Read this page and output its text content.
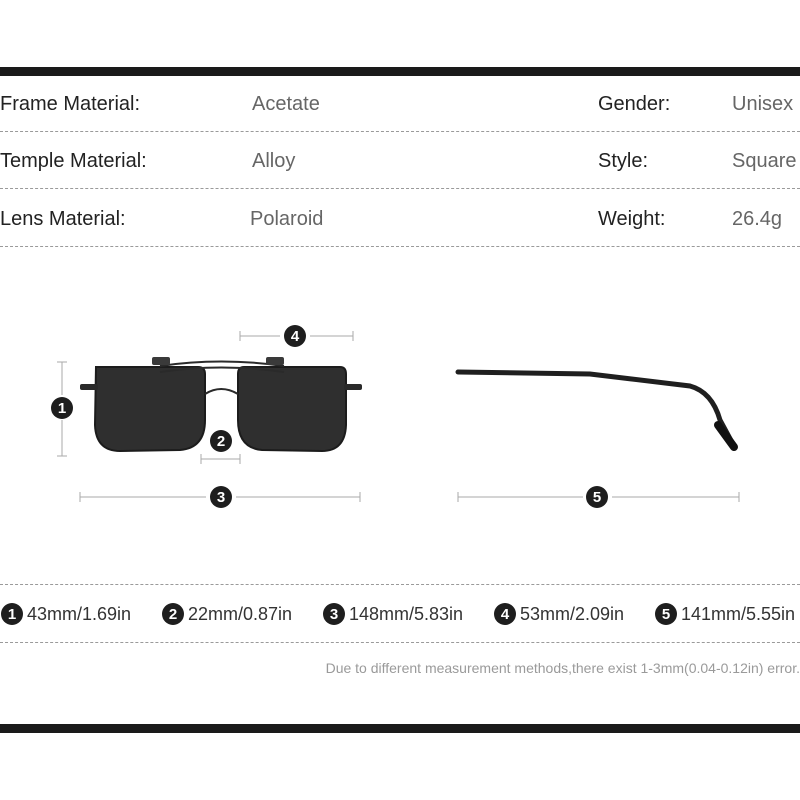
Frame Material:	Acetate	Gender:	Unisex
Temple Material:	Alloy	Style:	Square
Lens Material:	Polaroid	Weight:	26.4g
1
2
3
4
5
1 43mm/1.69in	2 22mm/0.87in	3 148mm/5.83in	4 53mm/2.09in	5 141mm/5.55in
Due to different measurement methods,there exist 1-3mm(0.04-0.12in) error.
